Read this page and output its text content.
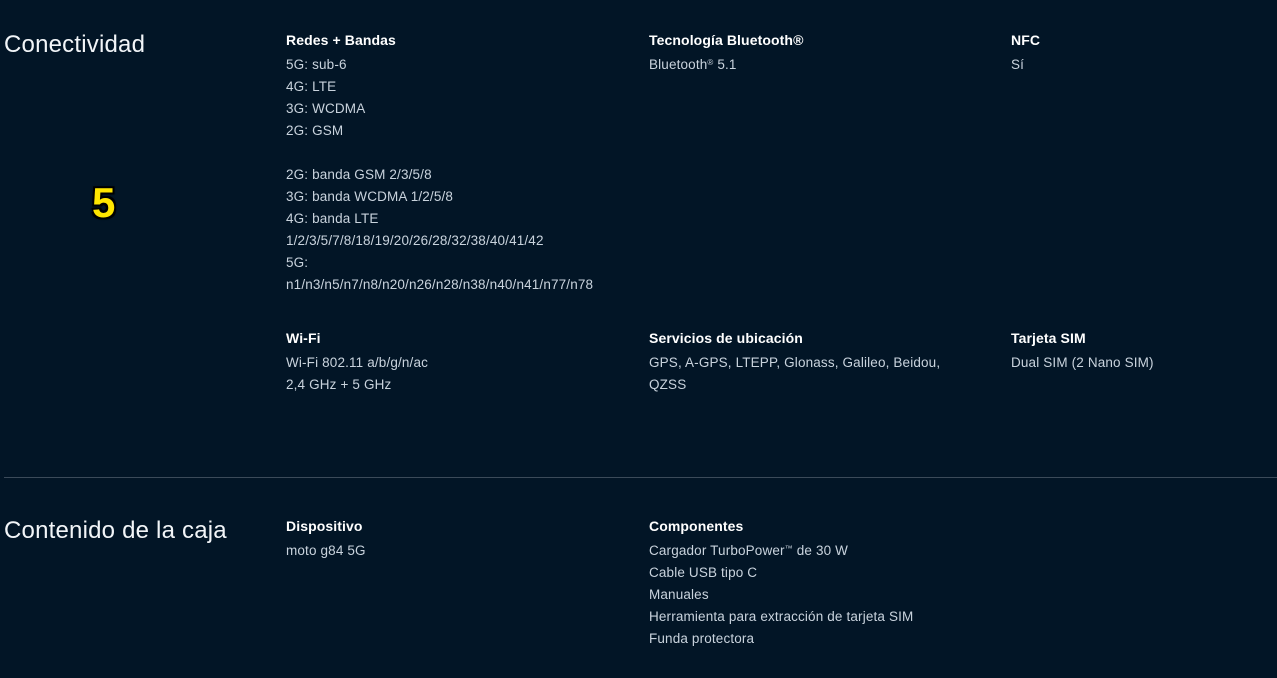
Conectividad
5
Redes + Bandas
5G: sub-6
4G: LTE
3G: WCDMA
2G: GSM
2G: banda GSM 2/3/5/8
3G: banda WCDMA 1/2/5/8
4G: banda LTE
1/2/3/5/7/8/18/19/20/26/28/32/38/40/41/42
5G:
n1/n3/n5/n7/n8/n20/n26/n28/n38/n40/n41/n77/n78
Tecnología Bluetooth®
Bluetooth® 5.1
NFC
Sí
Wi-Fi
Wi-Fi 802.11 a/b/g/n/ac
2,4 GHz + 5 GHz
Servicios de ubicación
GPS, A-GPS, LTEPP, Glonass, Galileo, Beidou,
QZSS
Tarjeta SIM
Dual SIM (2 Nano SIM)
Contenido de la caja	Dispositivo
moto g84 5G
Componentes
Cargador TurboPower™ de 30 W
Cable USB tipo C
Manuales
Herramienta para extracción de tarjeta SIM
Funda protectora
